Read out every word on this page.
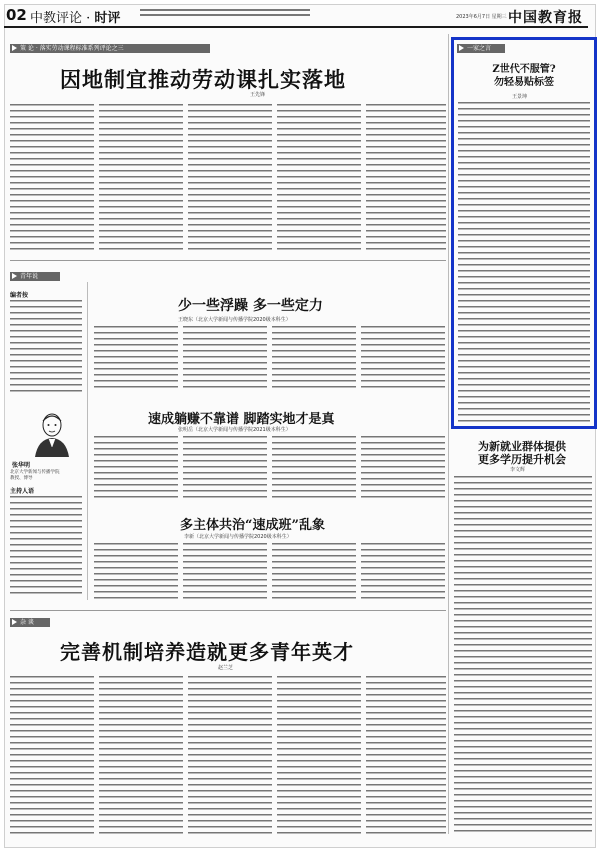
02 中教评论 · 时评	2023年6月7日 星期三 中国教育报
策 论 · 落实劳动课程标准系列评论之三
因地制宜推动劳动课扎实落地
王先锋
一家之言
Z世代不服管?
勿轻易贴标签
王景坤
青年说
编者按
张华明
北京大学新闻与传播学院
教授、博导
主持人语
少一些浮躁 多一些定力
王晓东（北京大学新闻与传播学院2020级本科生）
速成躺赚不靠谱 脚踏实地才是真
张明岳（北京大学新闻与传播学院2021级本科生）
多主体共治“速成班”乱象
李新（北京大学新闻与传播学院2020级本科生）
为新就业群体提供
更多学历提升机会
李文辉
杂 谈
完善机制培养造就更多青年英才
赵兰芝
